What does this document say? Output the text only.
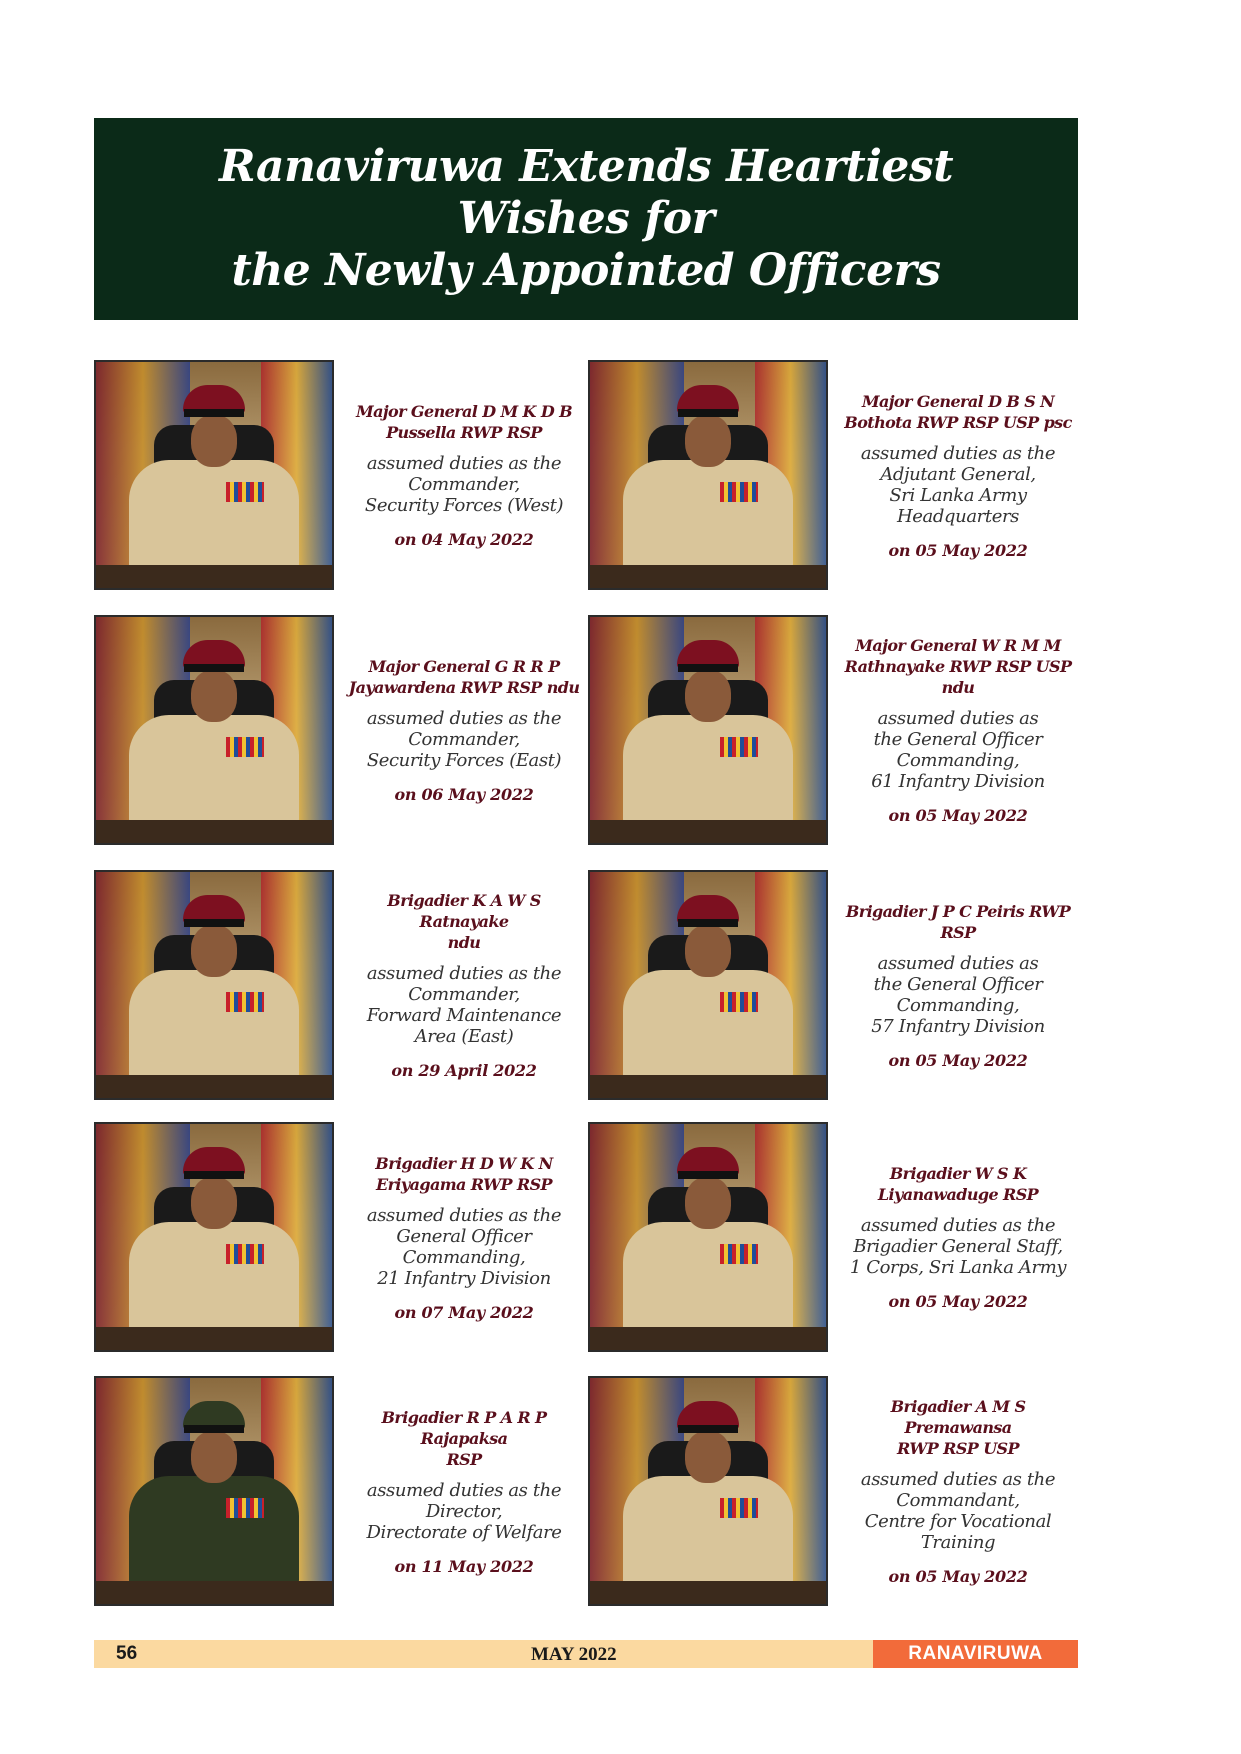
Ranaviruwa Extends Heartiest Wishes for
the Newly Appointed Officers
Major General D M K D B
Pussella RWP RSP
assumed duties as the
Commander,
Security Forces (West)
on 04 May 2022
Major General D B S N
Bothota RWP RSP USP psc
assumed duties as the
Adjutant General,
Sri Lanka Army
Headquarters
on 05 May 2022
Major General G R R P
Jayawardena RWP RSP ndu
assumed duties as the
Commander,
Security Forces (East)
on 06 May 2022
Major General W R M M
Rathnayake RWP RSP USP
ndu
assumed duties as
the General Officer
Commanding,
61 Infantry Division
on 05 May 2022
Brigadier K A W S Ratnayake
ndu
assumed duties as the
Commander,
Forward Maintenance
Area (East)
on 29 April 2022
Brigadier J P C Peiris RWP
RSP
assumed duties as
the General Officer
Commanding,
57 Infantry Division
on 05 May 2022
Brigadier H D W K N
Eriyagama RWP RSP
assumed duties as the
General Officer
Commanding,
21 Infantry Division
on 07 May 2022
Brigadier W S K
Liyanawaduge RSP
assumed duties as the
Brigadier General Staff,
1 Corps, Sri Lanka Army
on 05 May 2022
Brigadier R P A R P Rajapaksa
RSP
assumed duties as the
Director,
Directorate of Welfare
on 11 May 2022
Brigadier A M S Premawansa
RWP RSP USP
assumed duties as the
Commandant,
Centre for Vocational
Training
on 05 May 2022
56	MAY 2022	RANAVIRUWA
